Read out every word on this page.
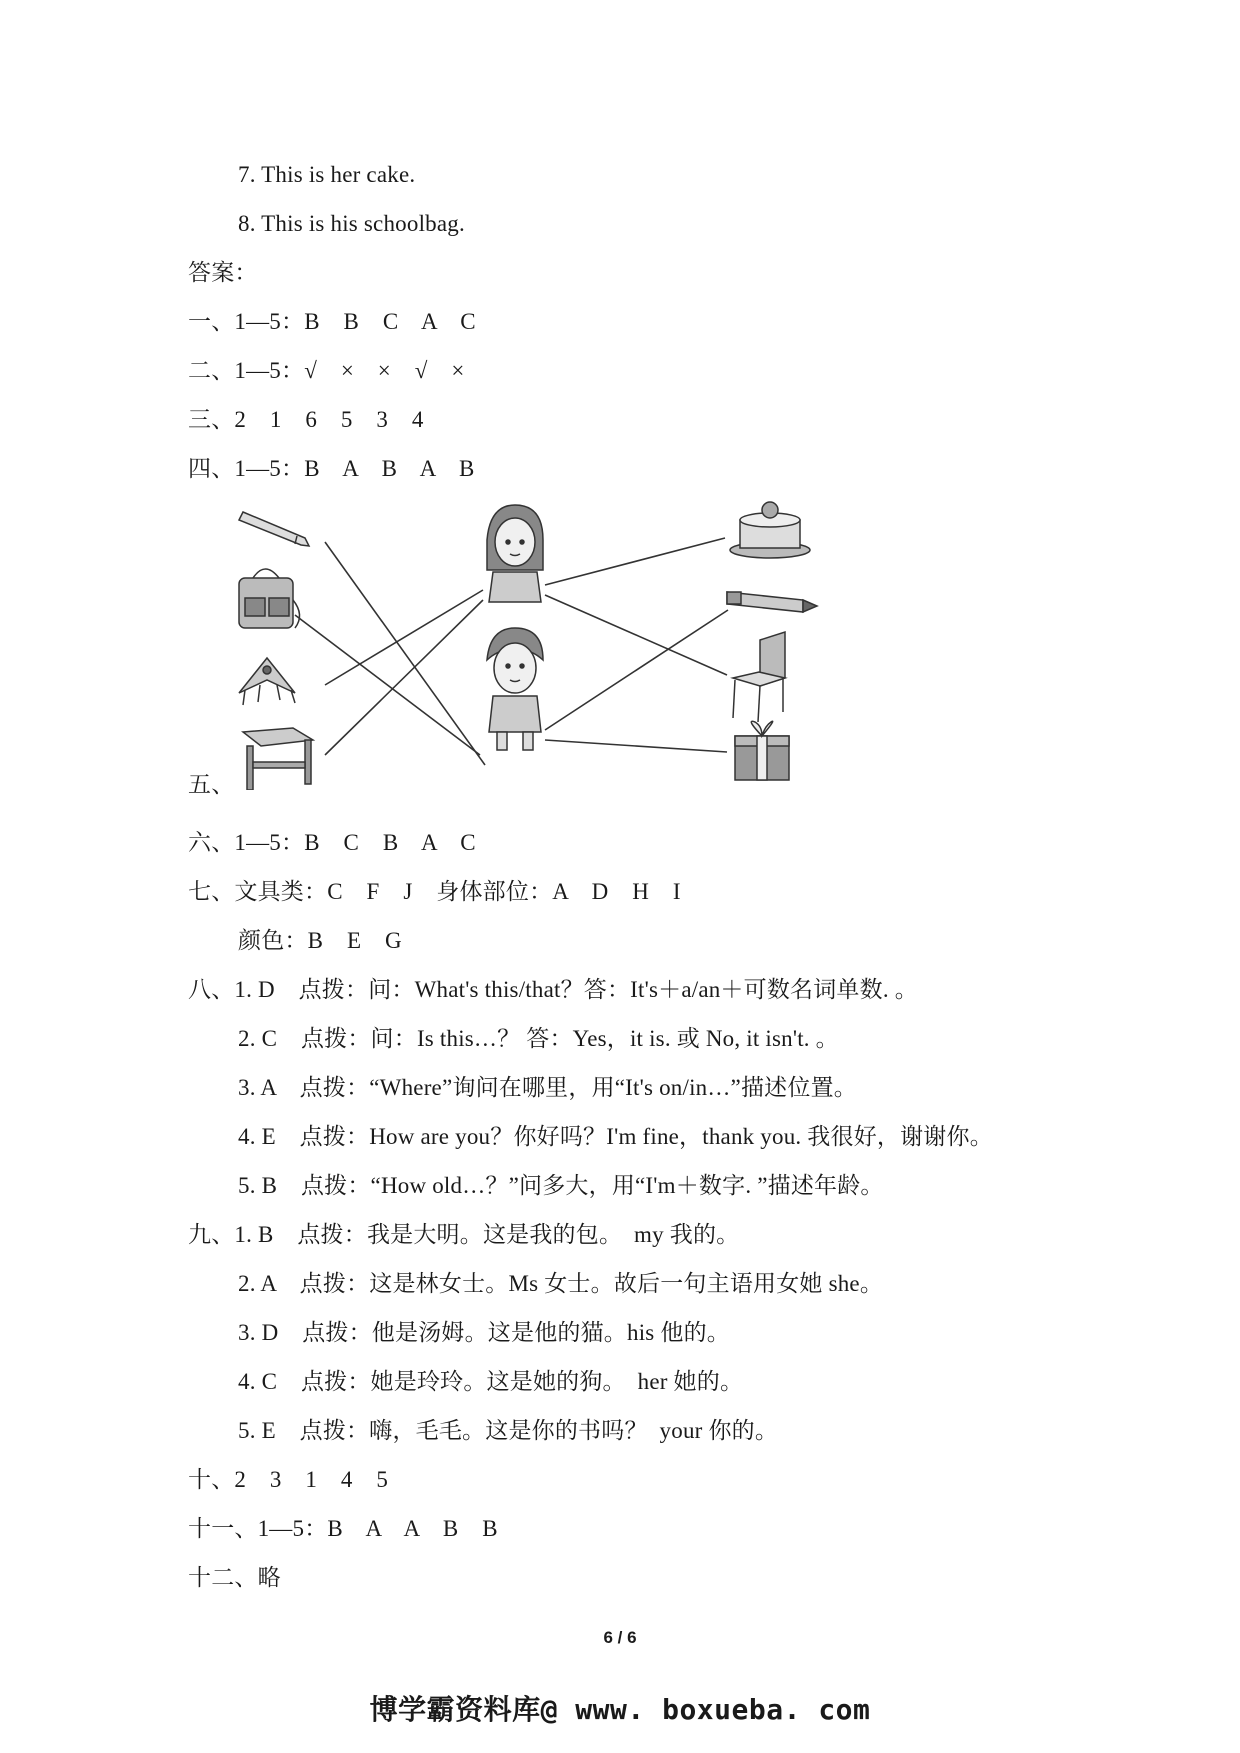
7. This is her cake.
8. This is his schoolbag.
答案：
一、1—5：B    B    C    A    C
二、1—5：√    ×    ×    √    ×
三、2    1    6    5    3    4
四、1—5：B    A    B    A    B
五、
六、1—5：B    C    B    A    C
七、文具类：C    F    J    身体部位：A    D    H    I
颜色：B    E    G
八、1. D    点拨：问：What's this/that？答：It's＋a/an＋可数名词单数. 。
2. C    点拨：问：Is this…？ 答：Yes，it is. 或 No, it isn't. 。
3. A    点拨：“Where”询问在哪里，用“It's on/in…”描述位置。
4. E    点拨：How are you？你好吗？I'm fine，thank you. 我很好，谢谢你。
5. B    点拨：“How old…？”问多大，用“I'm＋数字. ”描述年龄。
九、1. B    点拨：我是大明。这是我的包。  my 我的。
2. A    点拨：这是林女士。Ms 女士。故后一句主语用女她 she。
3. D    点拨：他是汤姆。这是他的猫。his 他的。
4. C    点拨：她是玲玲。这是她的狗。  her 她的。
5. E    点拨：嗨，毛毛。这是你的书吗？  your 你的。
十、2    3    1    4    5
十一、1—5：B    A    A    B    B
十二、略
6 / 6
博学霸资料库@ www. boxueba. com
